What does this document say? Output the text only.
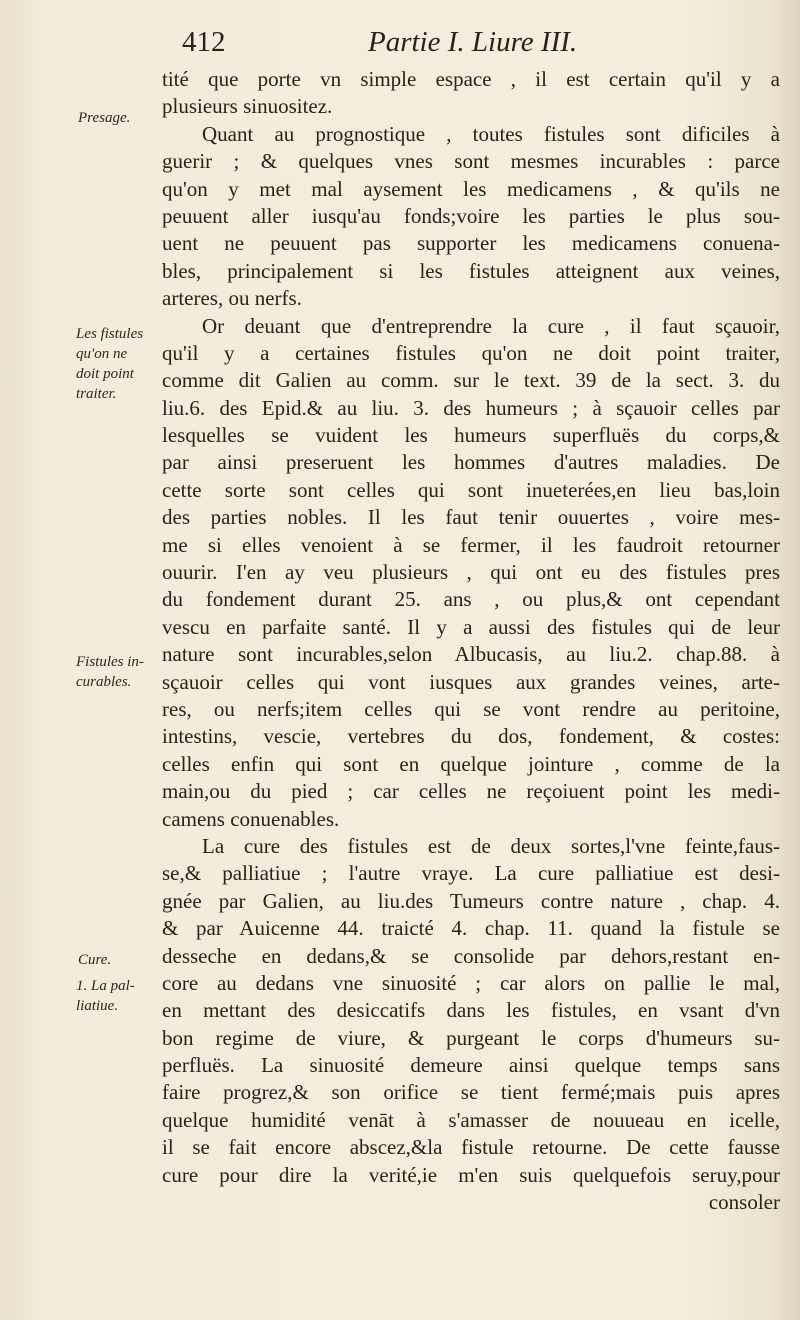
412	Partie I. Liure III.
Presage.
Les fistules
qu'on ne
doit point
traiter.
Fistules in-
curables.
Cure.
1. La pal-
liatiue.
tité que porte vn simple espace , il est certain qu'il y a
plusieurs sinuositez.
Quant au prognostique , toutes fistules sont dificiles à
guerir ; & quelques vnes sont mesmes incurables : parce
qu'on y met mal aysement les medicamens , & qu'ils ne
peuuent aller iusqu'au fonds;voire les parties le plus sou-
uent ne peuuent pas supporter les medicamens conuena-
bles, principalement si les fistules atteignent aux veines,
arteres, ou nerfs.
Or deuant que d'entreprendre la cure , il faut sçauoir,
qu'il y a certaines fistules qu'on ne doit point traiter,
comme dit Galien au comm. sur le text. 39 de la sect. 3. du
liu.6. des Epid.& au liu. 3. des humeurs ; à sçauoir celles par
lesquelles se vuident les humeurs superfluës du corps,&
par ainsi preseruent les hommes d'autres maladies. De
cette sorte sont celles qui sont inueterées,en lieu bas,loin
des parties nobles. Il les faut tenir ouuertes , voire mes-
me si elles venoient à se fermer, il les faudroit retourner
ouurir. I'en ay veu plusieurs , qui ont eu des fistules pres
du fondement durant 25. ans , ou plus,& ont cependant
vescu en parfaite santé. Il y a aussi des fistules qui de leur
nature sont incurables,selon Albucasis, au liu.2. chap.88. à
sçauoir celles qui vont iusques aux grandes veines, arte-
res, ou nerfs;item celles qui se vont rendre au peritoine,
intestins, vescie, vertebres du dos, fondement, & costes:
celles enfin qui sont en quelque jointure , comme de la
main,ou du pied ; car celles ne reçoiuent point les medi-
camens conuenables.
La cure des fistules est de deux sortes,l'vne feinte,faus-
se,& palliatiue ; l'autre vraye. La cure palliatiue est desi-
gnée par Galien, au liu.des Tumeurs contre nature , chap. 4.
& par Auicenne 44. traicté 4. chap. 11. quand la fistule se
desseche en dedans,& se consolide par dehors,restant en-
core au dedans vne sinuosité ; car alors on pallie le mal,
en mettant des desiccatifs dans les fistules, en vsant d'vn
bon regime de viure, & purgeant le corps d'humeurs su-
perfluës. La sinuosité demeure ainsi quelque temps sans
faire progrez,& son orifice se tient fermé;mais puis apres
quelque humidité venāt à s'amasser de nouueau en icelle,
il se fait encore abscez,&la fistule retourne. De cette fausse
cure pour dire la verité,ie m'en suis quelquefois seruy,pour
consoler
